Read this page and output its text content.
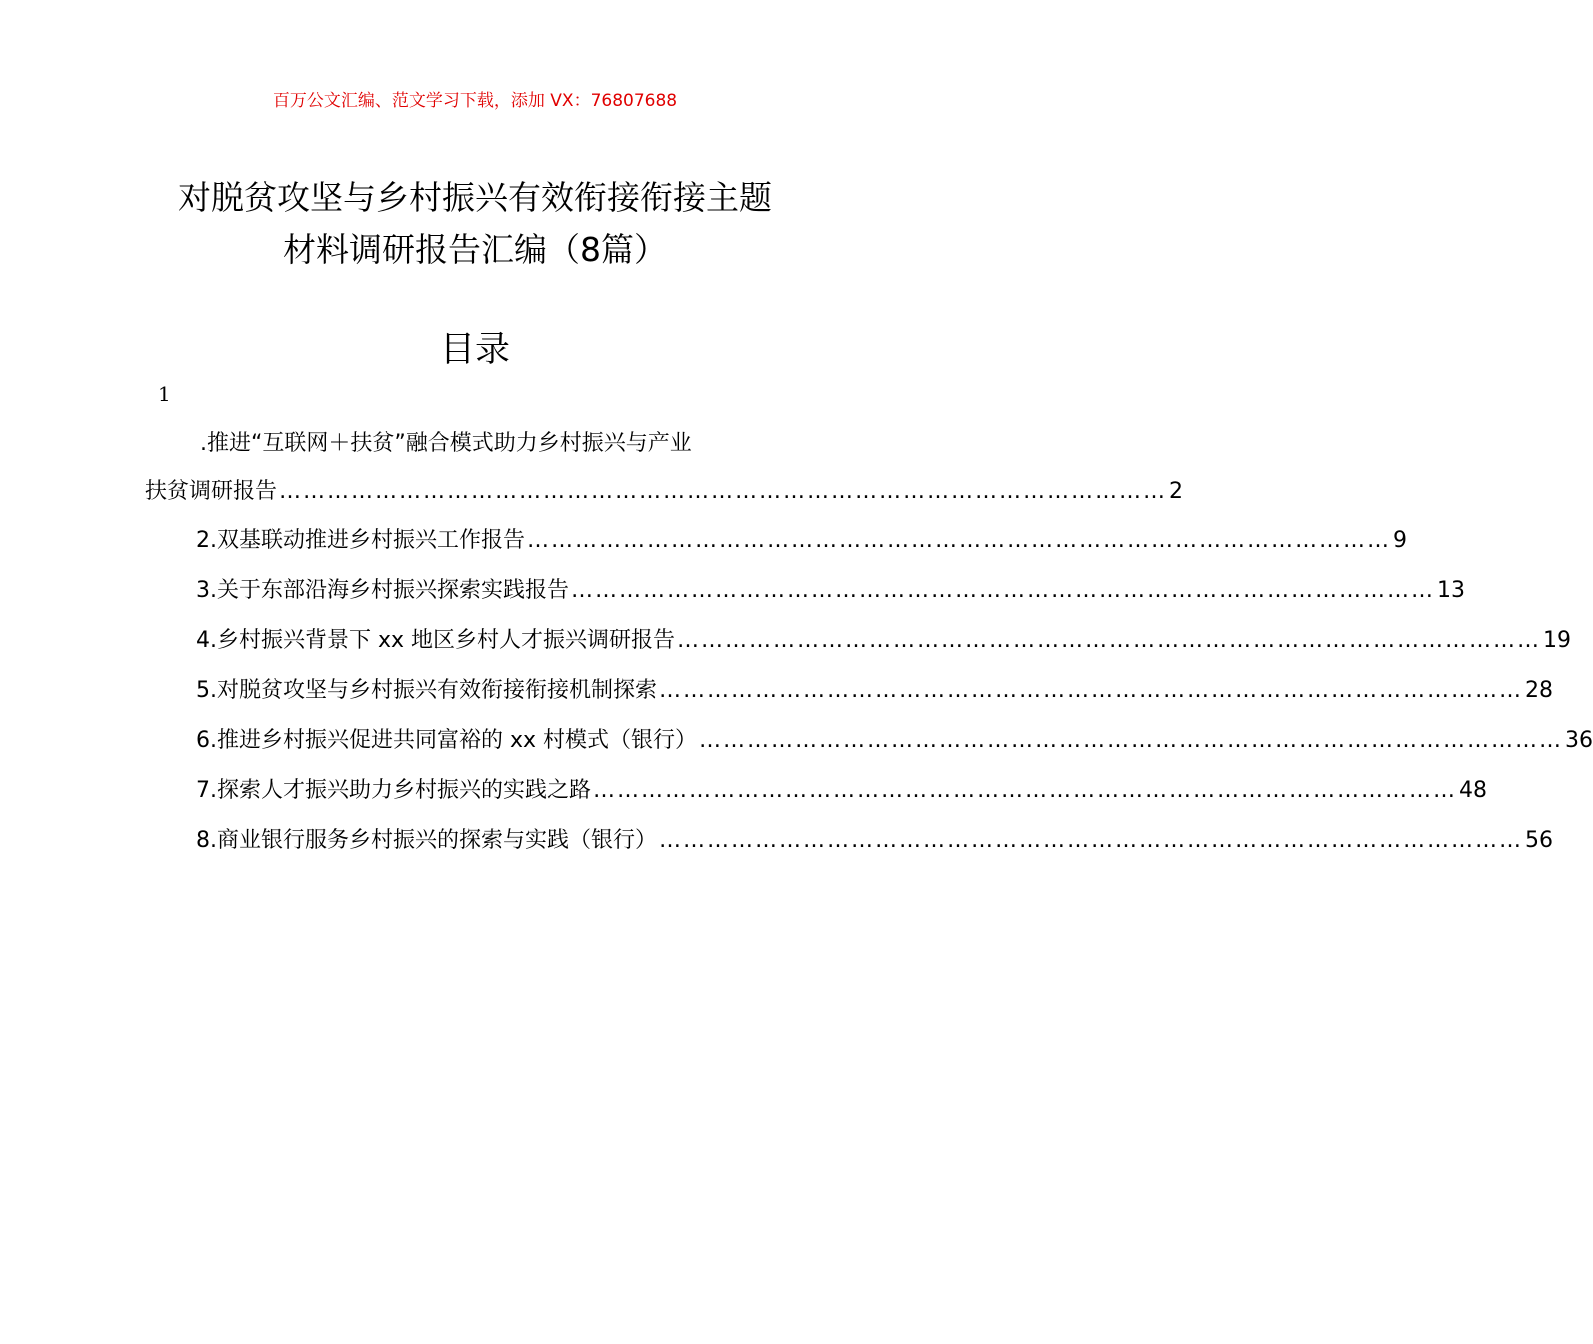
百万公文汇编、范文学习下载，添加 VX：76807688
对脱贫攻坚与乡村振兴有效衔接衔接主题
材料调研报告汇编（8篇）
目录
1
.推进“互联网＋扶贫”融合模式助力乡村振兴与产业
扶贫调研报告 ………………………………………………………………………………………………… 2
2.双基联动推进乡村振兴工作报告 ……………………………………………………………………………………………… 9
3.关于东部沿海乡村振兴探索实践报告 ……………………………………………………………………………………………… 13
4.乡村振兴背景下 xx 地区乡村人才振兴调研报告 ……………………………………………………………………………………………… 19
5.对脱贫攻坚与乡村振兴有效衔接衔接机制探索 ……………………………………………………………………………………………… 28
6.推进乡村振兴促进共同富裕的 xx 村模式（银行） ……………………………………………………………………………………………… 36
7.探索人才振兴助力乡村振兴的实践之路 ……………………………………………………………………………………………… 48
8.商业银行服务乡村振兴的探索与实践（银行） ……………………………………………………………………………………………… 56
